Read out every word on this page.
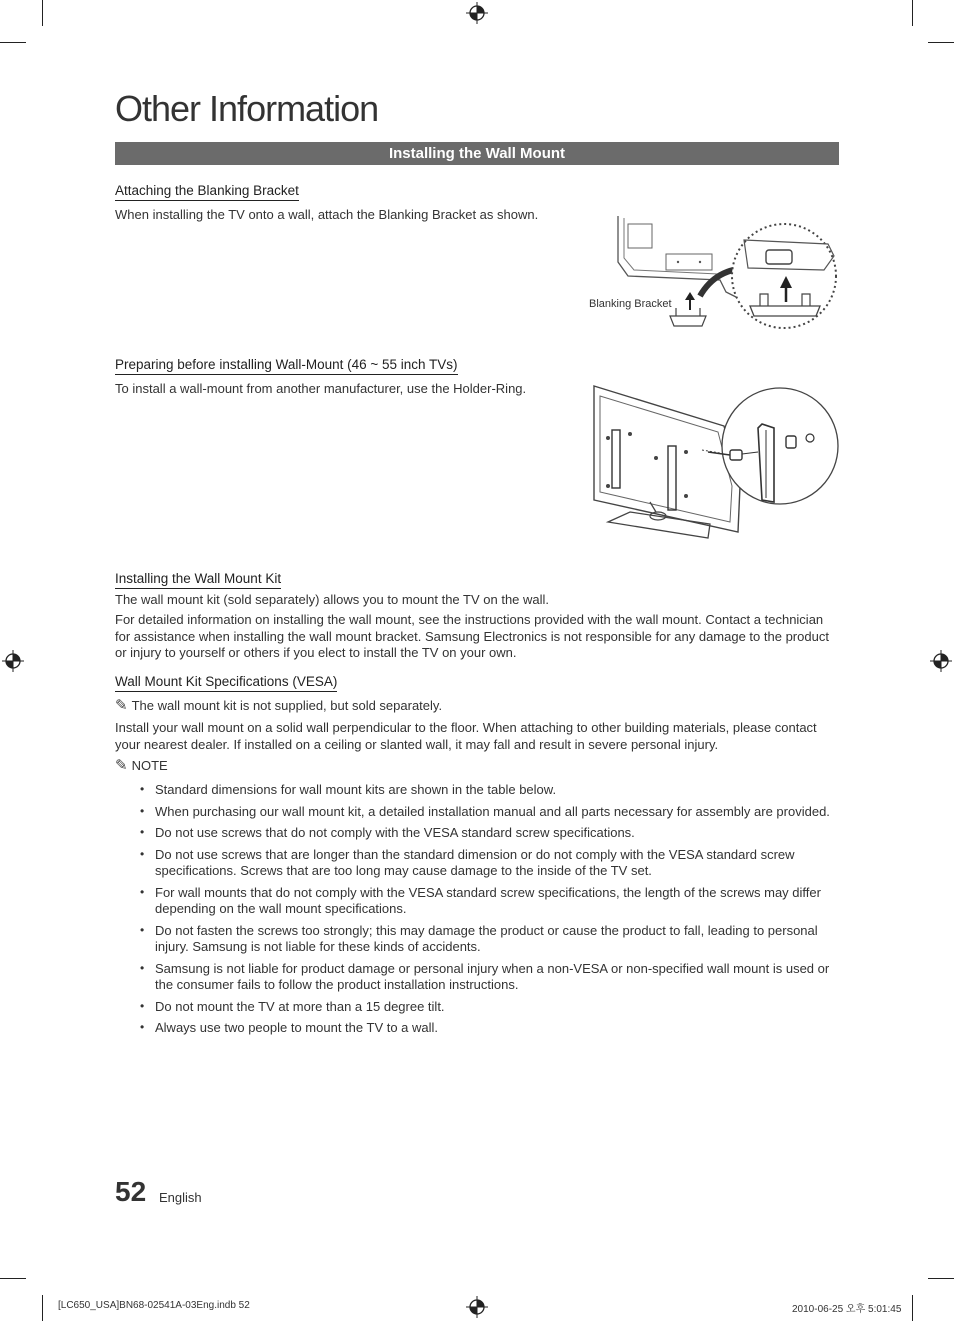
Other Information
Installing the Wall Mount
Attaching the Blanking Bracket
When installing the TV onto a wall, attach the Blanking Bracket as shown.
Blanking Bracket
Preparing before installing Wall-Mount (46 ~ 55 inch TVs)
To install a wall-mount from another manufacturer, use the Holder-Ring.
Installing the Wall Mount Kit
The wall mount kit (sold separately) allows you to mount the TV on the wall.
For detailed information on installing the wall mount, see the instructions provided with the wall mount. Contact a technician for assistance when installing the wall mount bracket. Samsung Electronics is not responsible for any damage to the product or injury to yourself or others if you elect to install the TV on your own.
Wall Mount Kit Specifications (VESA)
✎ The wall mount kit is not supplied, but sold separately.
Install your wall mount on a solid wall perpendicular to the floor. When attaching to other building materials, please contact your nearest dealer. If installed on a ceiling or slanted wall, it may fall and result in severe personal injury.
✎ NOTE
• Standard dimensions for wall mount kits are shown in the table below.
• When purchasing our wall mount kit, a detailed installation manual and all parts necessary for assembly are provided.
• Do not use screws that do not comply with the VESA standard screw specifications.
• Do not use screws that are longer than the standard dimension or do not comply with the VESA standard screw specifications. Screws that are too long may cause damage to the inside of the TV set.
• For wall mounts that do not comply with the VESA standard screw specifications, the length of the screws may differ depending on the wall mount specifications.
• Do not fasten the screws too strongly; this may damage the product or cause the product to fall, leading to personal injury. Samsung is not liable for these kinds of accidents.
• Samsung is not liable for product damage or personal injury when a non-VESA or non-specified wall mount is used or the consumer fails to follow the product installation instructions.
• Do not mount the TV at more than a 15 degree tilt.
• Always use two people to mount the TV to a wall.
52 English
[LC650_USA]BN68-02541A-03Eng.indb 52	2010-06-25 오후 5:01:45
